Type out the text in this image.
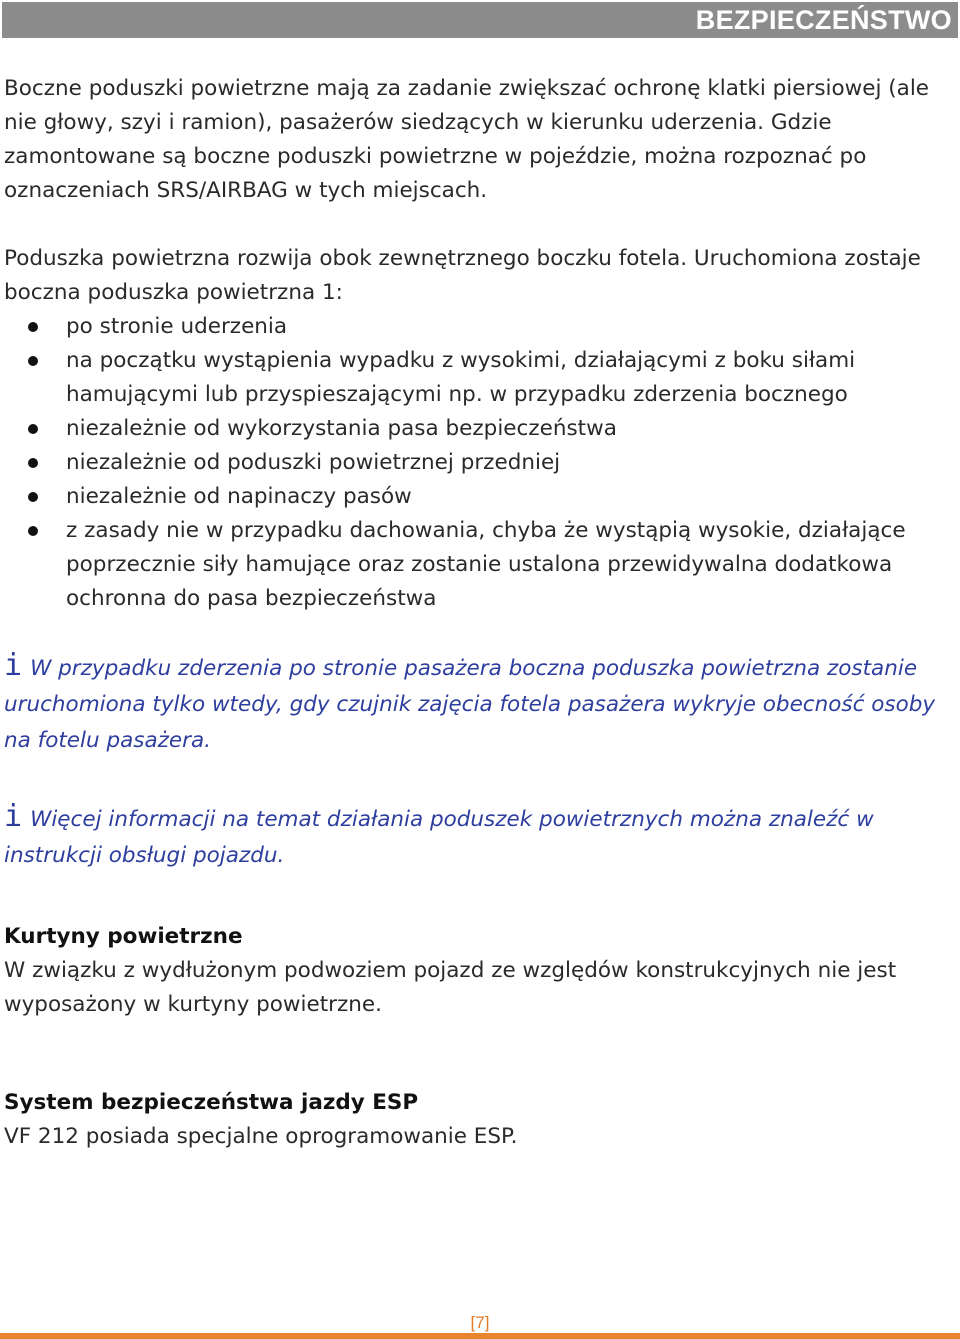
BEZPIECZEŃSTWO

Boczne poduszki powietrzne mają za zadanie zwiększać ochronę klatki piersiowej (ale nie głowy, szyi i ramion), pasażerów siedzących w kierunku uderzenia. Gdzie zamontowane są boczne poduszki powietrzne w pojeździe, można rozpoznać po oznaczeniach SRS/AIRBAG w tych miejscach.

Poduszka powietrzna rozwija obok zewnętrznego boczku fotela. Uruchomiona zostaje boczna poduszka powietrzna 1:

po stronie uderzenia
na początku wystąpienia wypadku z wysokimi, działającymi z boku siłami hamującymi lub przyspieszającymi np. w przypadku zderzenia bocznego
niezależnie od wykorzystania pasa bezpieczeństwa
niezależnie od poduszki powietrznej przedniej
niezależnie od napinaczy pasów
z zasady nie w przypadku dachowania, chyba że wystąpią wysokie, działające poprzecznie siły hamujące oraz zostanie ustalona przewidywalna dodatkowa ochronna do pasa bezpieczeństwa

i W przypadku zderzenia po stronie pasażera boczna poduszka powietrzna zostanie uruchomiona tylko wtedy, gdy czujnik zajęcia fotela pasażera wykryje obecność osoby na fotelu pasażera.

i Więcej informacji na temat działania poduszek powietrznych można znaleźć w instrukcji obsługi pojazdu.

Kurtyny powietrzne

W związku z wydłużonym podwoziem pojazd ze względów konstrukcyjnych nie jest wyposażony w kurtyny powietrzne.

System bezpieczeństwa jazdy ESP

VF 212 posiada specjalne oprogramowanie ESP.

[7]
